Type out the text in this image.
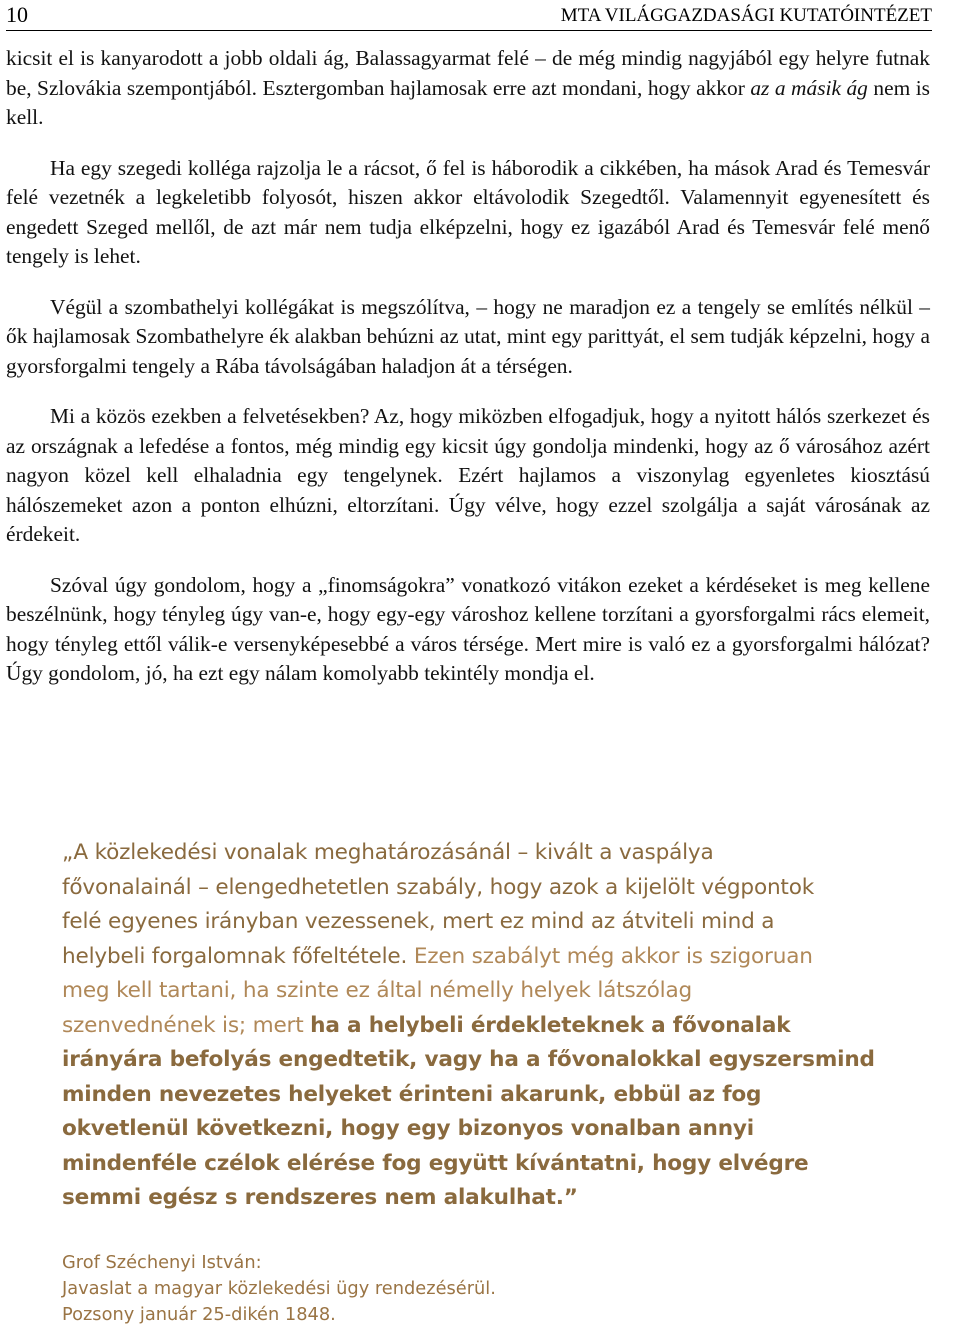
10	MTA VILÁGGAZDASÁGI KUTATÓINTÉZET

kicsit el is kanyarodott a jobb oldali ág, Balassagyarmat felé – de még mindig nagyjából egy helyre futnak be, Szlovákia szempontjából. Esztergomban hajlamosak erre azt mondani, hogy akkor az a másik ág nem is kell.

Ha egy szegedi kolléga rajzolja le a rácsot, ő fel is háborodik a cikkében, ha mások Arad és Temesvár felé vezetnék a legkeletibb folyosót, hiszen akkor eltávolodik Szegedtől. Valamennyit egyenesített és engedett Szeged mellől, de azt már nem tudja elképzelni, hogy ez igazából Arad és Temesvár felé menő tengely is lehet.

Végül a szombathelyi kollégákat is megszólítva, – hogy ne maradjon ez a tengely se említés nélkül – ők hajlamosak Szombathelyre ék alakban behúzni az utat, mint egy parittyát, el sem tudják képzelni, hogy a gyorsforgalmi tengely a Rába távolságában haladjon át a térségen.

Mi a közös ezekben a felvetésekben? Az, hogy miközben elfogadjuk, hogy a nyitott hálós szerkezet és az országnak a lefedése a fontos, még mindig egy kicsit úgy gondolja mindenki, hogy az ő városához azért nagyon közel kell elhaladnia egy tengelynek. Ezért hajlamos a viszonylag egyenletes kiosztású hálószemeket azon a ponton elhúzni, eltorzítani. Úgy vélve, hogy ezzel szolgálja a saját városának az érdekeit.

Szóval úgy gondolom, hogy a „finomságokra” vonatkozó vitákon ezeket a kérdéseket is meg kellene beszélnünk, hogy tényleg úgy van-e, hogy egy-egy városhoz kellene torzítani a gyorsforgalmi rács elemeit, hogy tényleg ettől válik-e versenyképesebbé a város térsége. Mert mire is való ez a gyorsforgalmi hálózat? Úgy gondolom, jó, ha ezt egy nálam komolyabb tekintély mondja el.

„A közlekedési vonalak meghatározásánál – kivált a vaspálya
fővonalainál – elengedhetetlen szabály, hogy azok a kijelölt végpontok
felé egyenes irányban vezessenek, mert ez mind az átviteli mind a
helybeli forgalomnak főfeltétele. Ezen szabályt még akkor is szigoruan
meg kell tartani, ha szinte ez által némelly helyek látszólag
szenvednének is; mert ha a helybeli érdekleteknek a fővonalak
irányára befolyás engedtetik, vagy ha a fővonalokkal egyszersmind
minden nevezetes helyeket érinteni akarunk, ebbül az fog
okvetlenül következni, hogy egy bizonyos vonalban annyi
mindenféle czélok elérése fog együtt kívántatni, hogy elvégre
semmi egész s rendszeres nem alakulhat.”
Grof Széchenyi István:
Javaslat a magyar közlekedési ügy rendezésérül.
Pozsony január 25-dikén 1848.
